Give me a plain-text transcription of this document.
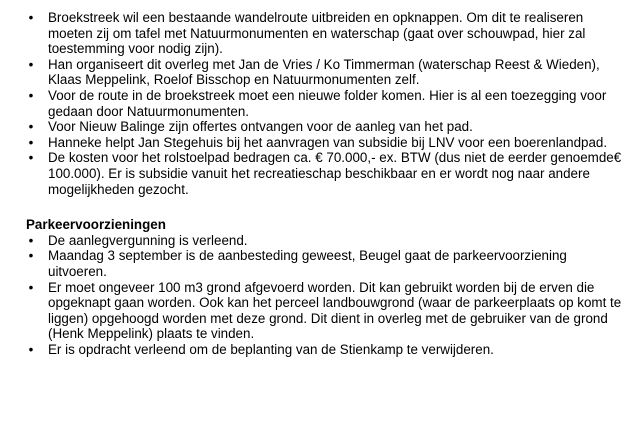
• Broekstreek wil een bestaande wandelroute uitbreiden en opknappen. Om dit te realiseren moeten zij om tafel met Natuurmonumenten en waterschap (gaat over schouwpad, hier zal toestemming voor nodig zijn).
• Han organiseert dit overleg met Jan de Vries / Ko Timmerman (waterschap Reest & Wieden), Klaas Meppelink, Roelof Bisschop en Natuurmonumenten zelf.
• Voor de route in de broekstreek moet een nieuwe folder komen. Hier is al een toezegging voor gedaan door Natuurmonumenten.
• Voor Nieuw Balinge zijn offertes ontvangen voor de aanleg van het pad.
• Hanneke helpt Jan Stegehuis bij het aanvragen van subsidie bij LNV voor een boerenlandpad.
• De kosten voor het rolstoelpad bedragen ca. € 70.000,- ex. BTW (dus niet de eerder genoemde€ 100.000). Er is subsidie vanuit het recreatieschap beschikbaar en er wordt nog naar andere mogelijkheden gezocht.
Parkeervoorzieningen
• De aanlegvergunning is verleend.
• Maandag 3 september is de aanbesteding geweest, Beugel gaat de parkeervoorziening uitvoeren.
• Er moet ongeveer 100 m3 grond afgevoerd worden. Dit kan gebruikt worden bij de erven die opgeknapt gaan worden. Ook kan het perceel landbouwgrond (waar de parkeerplaats op komt te liggen) opgehoogd worden met deze grond. Dit dient in overleg met de gebruiker van de grond (Henk Meppelink) plaats te vinden.
• Er is opdracht verleend om de beplanting van de Stienkamp te verwijderen.
